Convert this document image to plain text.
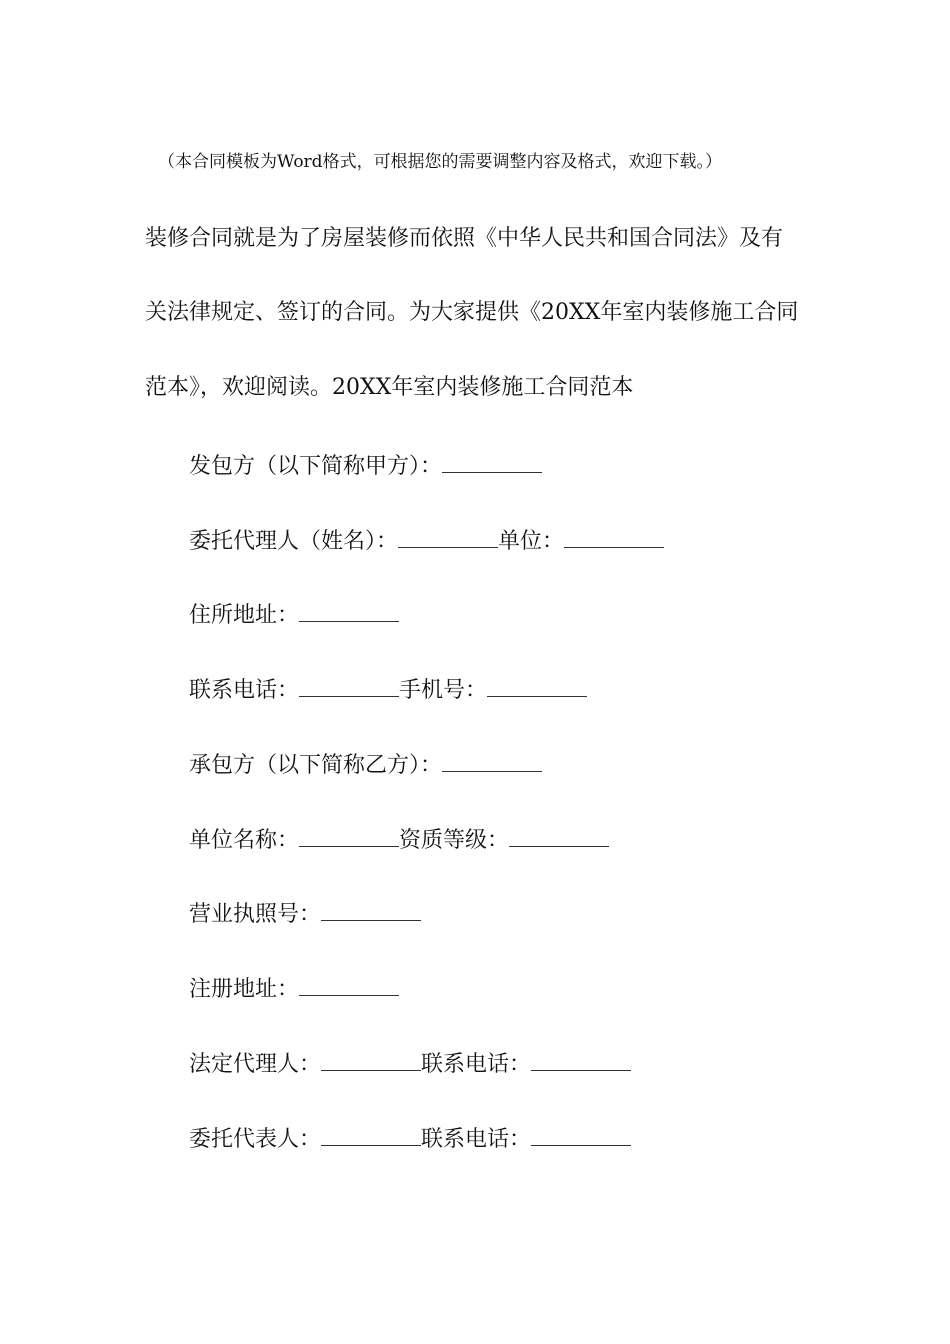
（本合同模板为Word格式，可根据您的需要调整内容及格式，欢迎下载。）
装修合同就是为了房屋装修而依照《中华人民共和国合同法》及有
关法律规定、签订的合同。为大家提供《20XX年室内装修施工合同
范本》，欢迎阅读。20XX年室内装修施工合同范本
发包方（以下简称甲方）：
委托代理人（姓名）：	单位：
住所地址：
联系电话：	手机号：
承包方（以下简称乙方）：
单位名称：	资质等级：
营业执照号：
注册地址：
法定代理人：	联系电话：
委托代表人：	联系电话：
